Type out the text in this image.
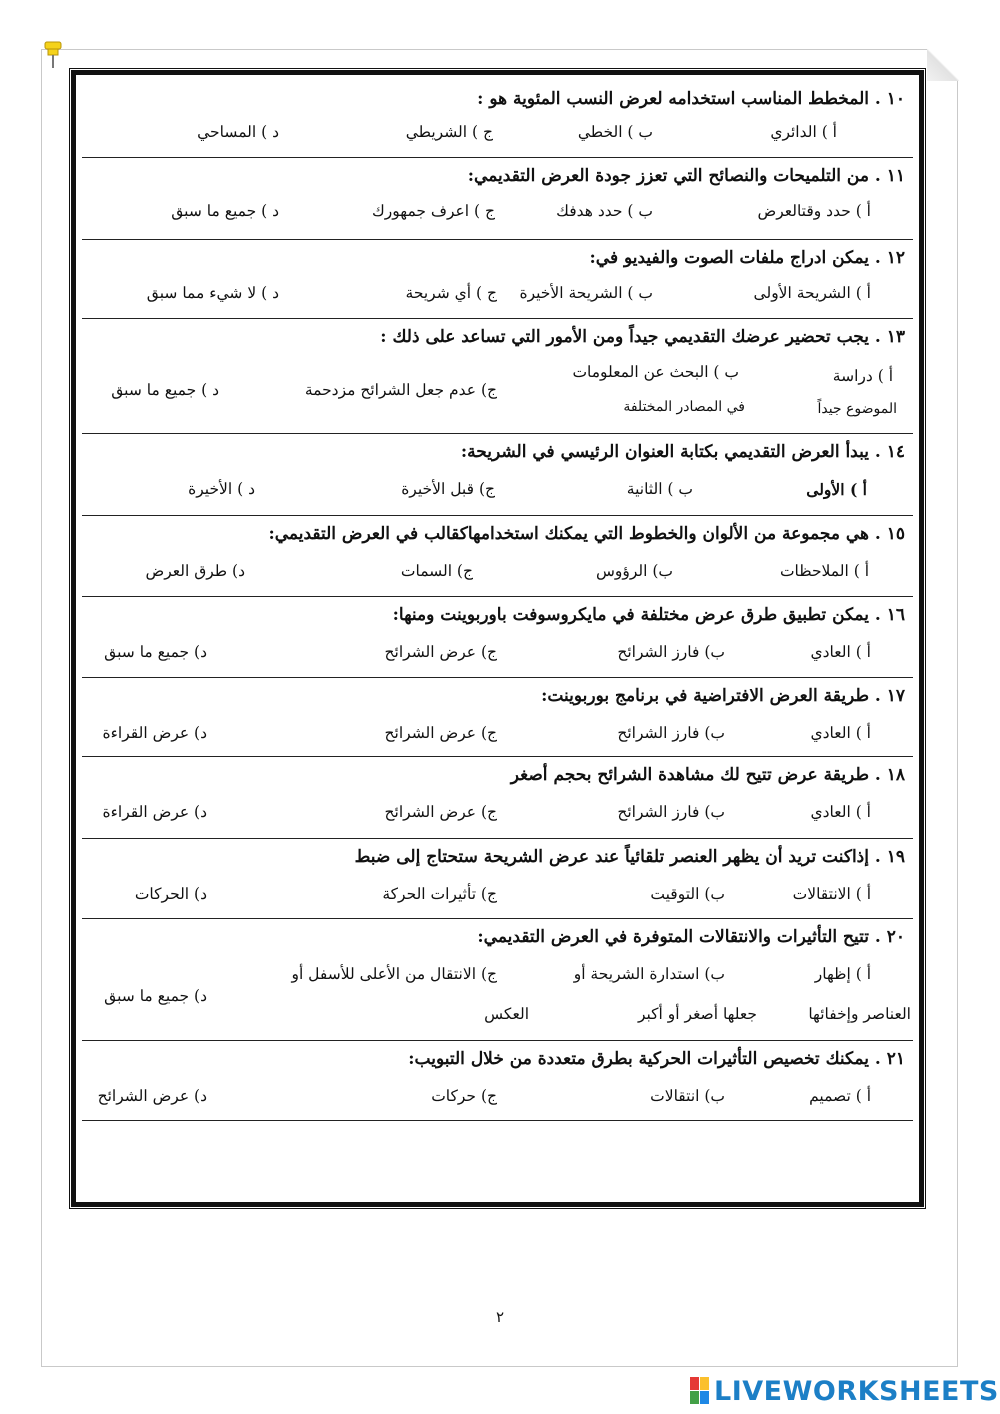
١٠ . المخطط المناسب استخدامه لعرض النسب المئوية هو :
أ ) الدائري
ب ) الخطي
ج ) الشريطي
د ) المساحي
١١ . من التلميحات والنصائح التي تعزز جودة العرض التقديمي:
أ ) حدد وقتالعرض
ب ) حدد هدفك
ج ) اعرف جمهورك
د ) جميع ما سبق
١٢ . يمكن ادراج ملفات الصوت والفيديو في:
أ ) الشريحة الأولى
ب ) الشريحة الأخيرة
ج ) أي شريحة
د ) لا شيء مما سبق
١٣ . يجب تحضير عرضك التقديمي جيداً ومن الأمور التي تساعد على ذلك :
أ ) دراسة
الموضوع جيداً
ب ) البحث عن المعلومات
في المصادر المختلفة
ج) عدم جعل الشرائح مزدحمة
د ) جميع ما سبق
١٤ . يبدأ العرض التقديمي بكتابة العنوان الرئيسي في الشريحة:
أ ) الأولى
ب ) الثانية
ج) قبل الأخيرة
د ) الأخيرة
١٥ . هي مجموعة من الألوان والخطوط التي يمكنك استخدامهاكقالب في العرض التقديمي:
أ ) الملاحظات
ب) الرؤوس
ج) السمات
د) طرق العرض
١٦ . يمكن تطبيق طرق عرض مختلفة في مايكروسوفت باوربوينت ومنها:
أ ) العادي
ب) فارز الشرائح
ج) عرض الشرائح
د) جميع ما سبق
١٧ . طريقة العرض الافتراضية في برنامج بوربوينت:
أ ) العادي
ب) فارز الشرائح
ج) عرض الشرائح
د) عرض القراءة
١٨ . طريقة عرض تتيح لك مشاهدة الشرائح بحجم أصغر
أ ) العادي
ب) فارز الشرائح
ج) عرض الشرائح
د) عرض القراءة
١٩ . إذاكنت تريد أن يظهر العنصر تلقائياً عند عرض الشريحة ستحتاج إلى ضبط
أ ) الانتقالات
ب) التوقيت
ج) تأثيرات الحركة
د) الحركات
٢٠ . تتيح التأثيرات والانتقالات المتوفرة في العرض التقديمي:
أ ) إظهار
العناصر وإخفائها
ب) استدارة الشريحة أو
جعلها أصغر أو أكبر
ج) الانتقال من الأعلى للأسفل أو
العكس
د) جميع ما سبق
٢١ . يمكنك تخصيص التأثيرات الحركية بطرق متعددة من خلال التبويب:
أ ) تصميم
ب) انتقالات
ج) حركات
د) عرض الشرائح
٢
LIVEWORKSHEETS
